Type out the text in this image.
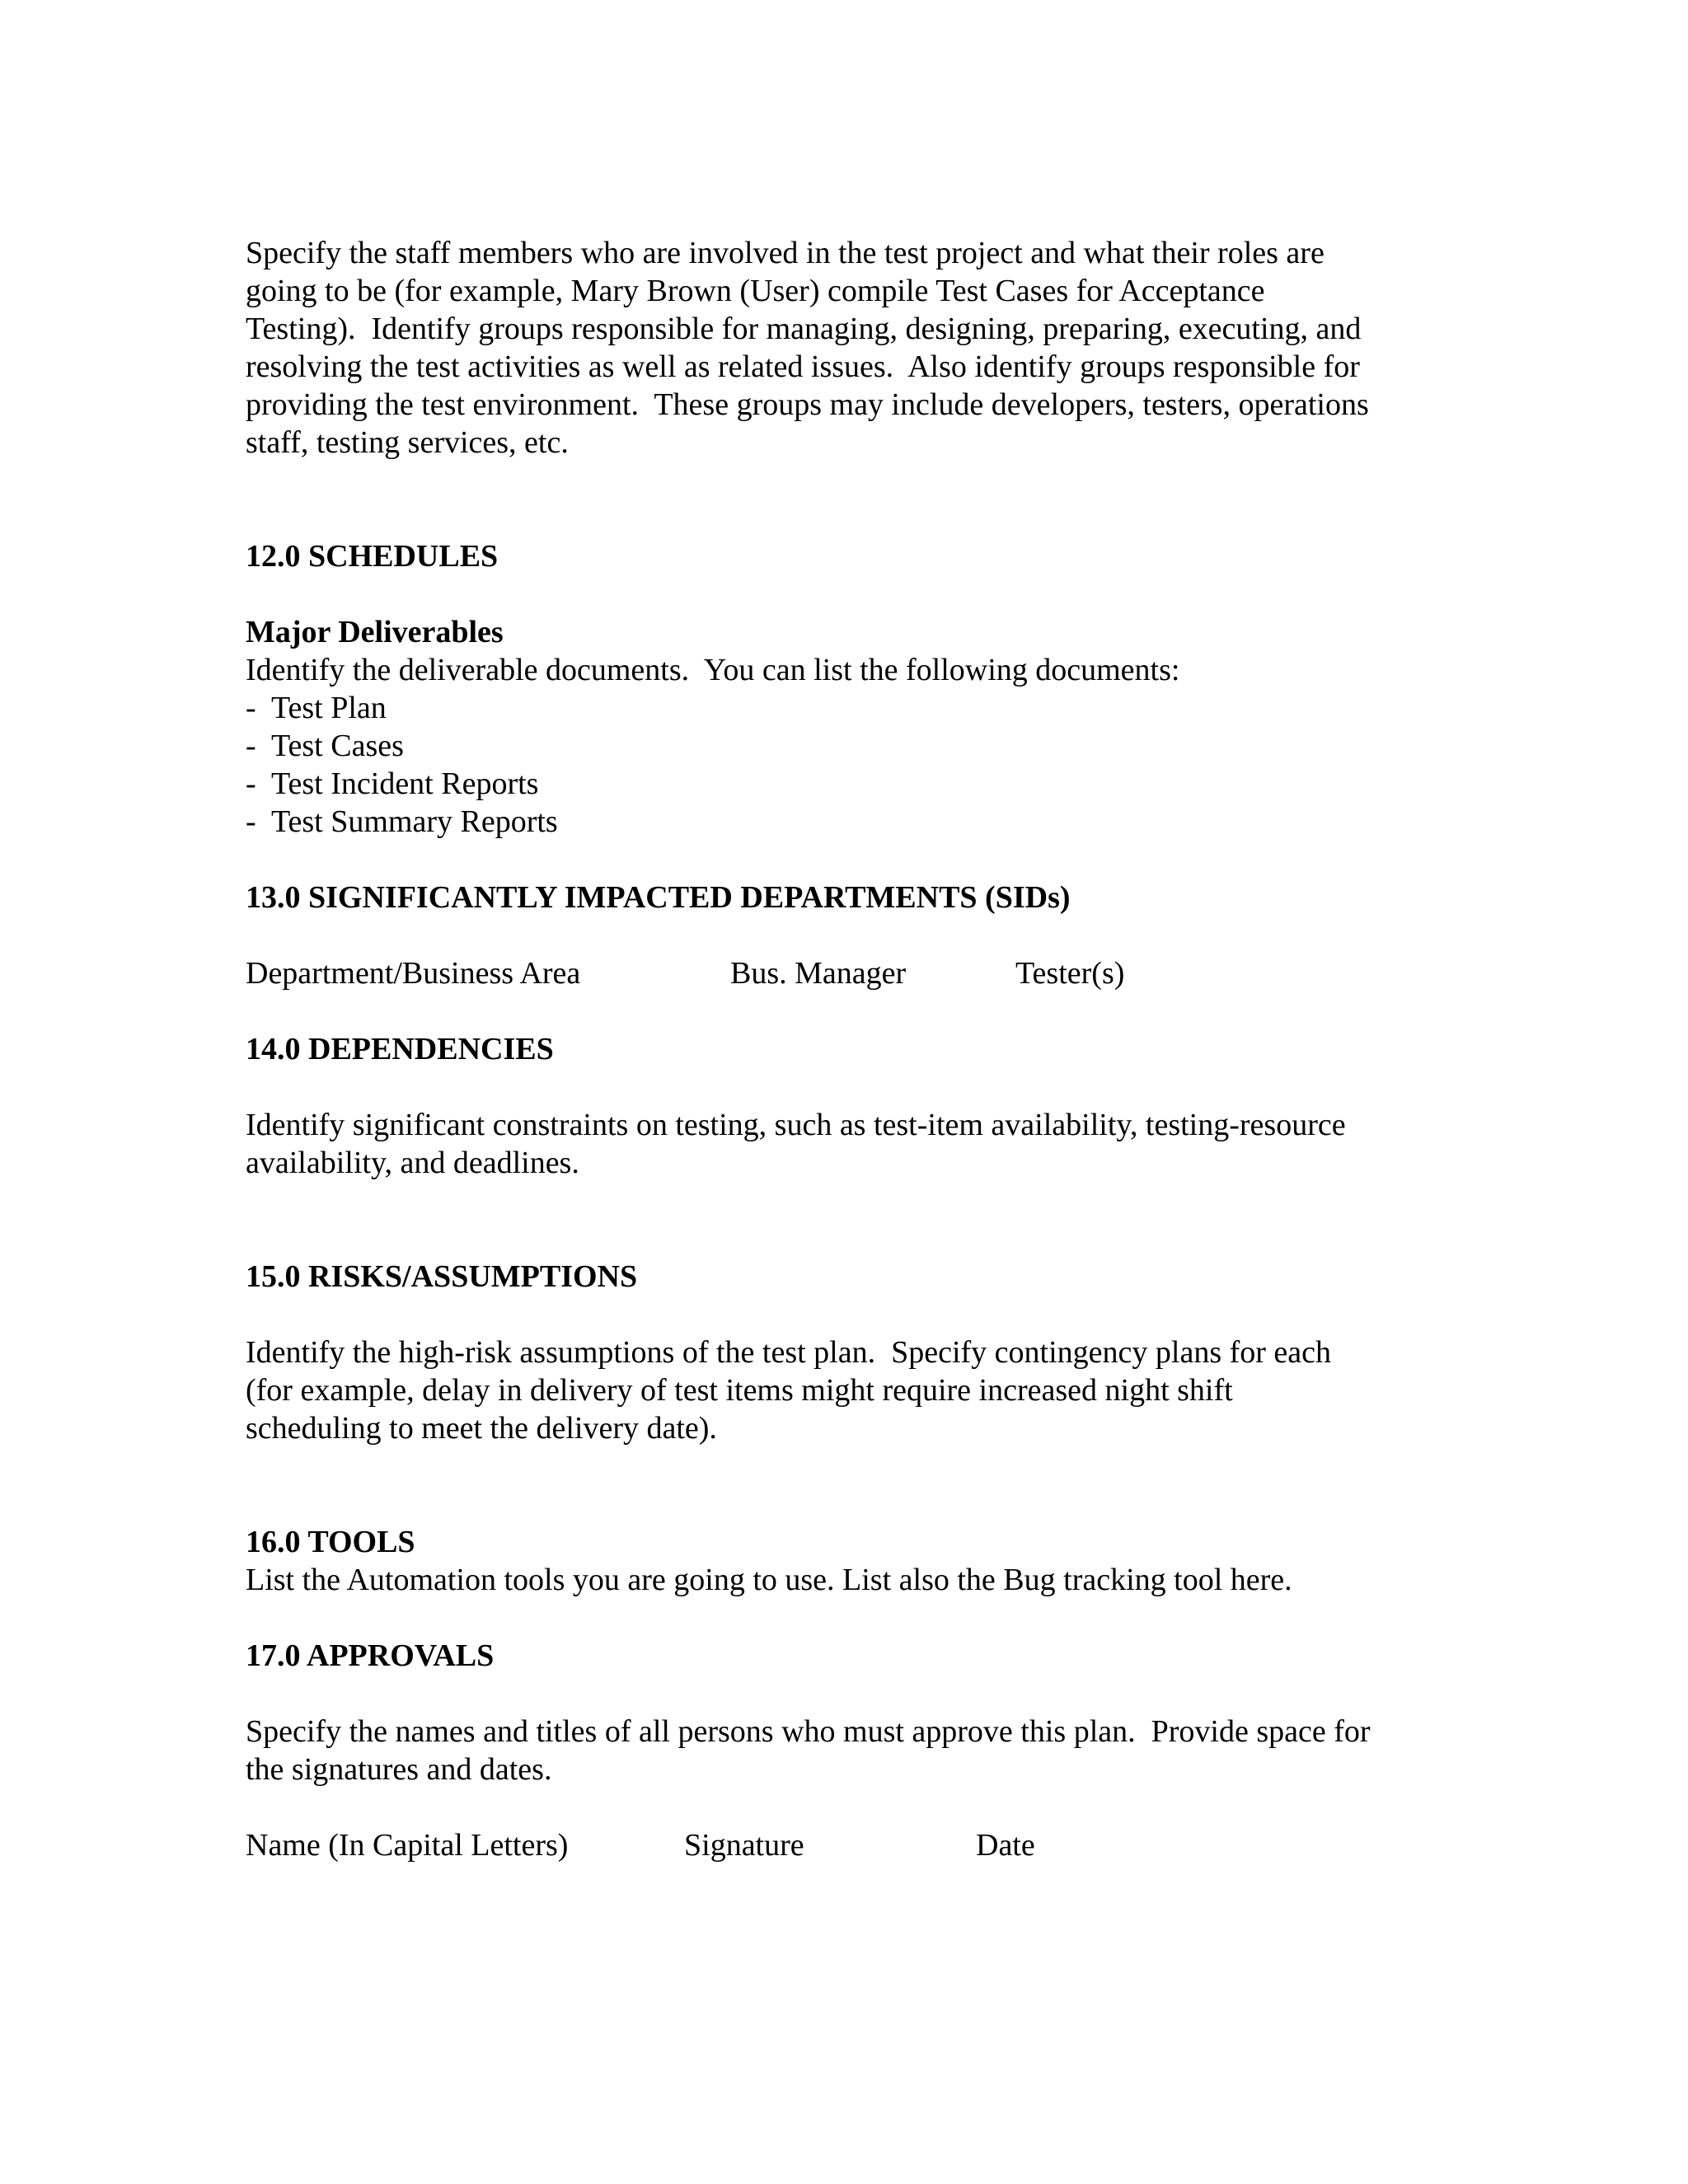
Specify the staff members who are involved in the test project and what their roles are

going to be (for example, Mary Brown (User) compile Test Cases for Acceptance

Testing).  Identify groups responsible for managing, designing, preparing, executing, and

resolving the test activities as well as related issues.  Also identify groups responsible for

providing the test environment.  These groups may include developers, testers, operations

staff, testing services, etc.

12.0 SCHEDULES
Major Deliverables

Identify the deliverable documents.  You can list the following documents:

-  Test Plan
-  Test Cases
-  Test Incident Reports
-  Test Summary Reports
13.0 SIGNIFICANTLY IMPACTED DEPARTMENTS (SIDs)
Department/Business Area	Bus. Manager	Tester(s)
14.0 DEPENDENCIES

Identify significant constraints on testing, such as test-item availability, testing-resource

availability, and deadlines.

15.0 RISKS/ASSUMPTIONS

Identify the high-risk assumptions of the test plan.  Specify contingency plans for each

(for example, delay in delivery of test items might require increased night shift

scheduling to meet the delivery date).

16.0 TOOLS

List the Automation tools you are going to use. List also the Bug tracking tool here.

17.0 APPROVALS

Specify the names and titles of all persons who must approve this plan.  Provide space for

the signatures and dates.

Name (In Capital Letters)	Signature	Date
